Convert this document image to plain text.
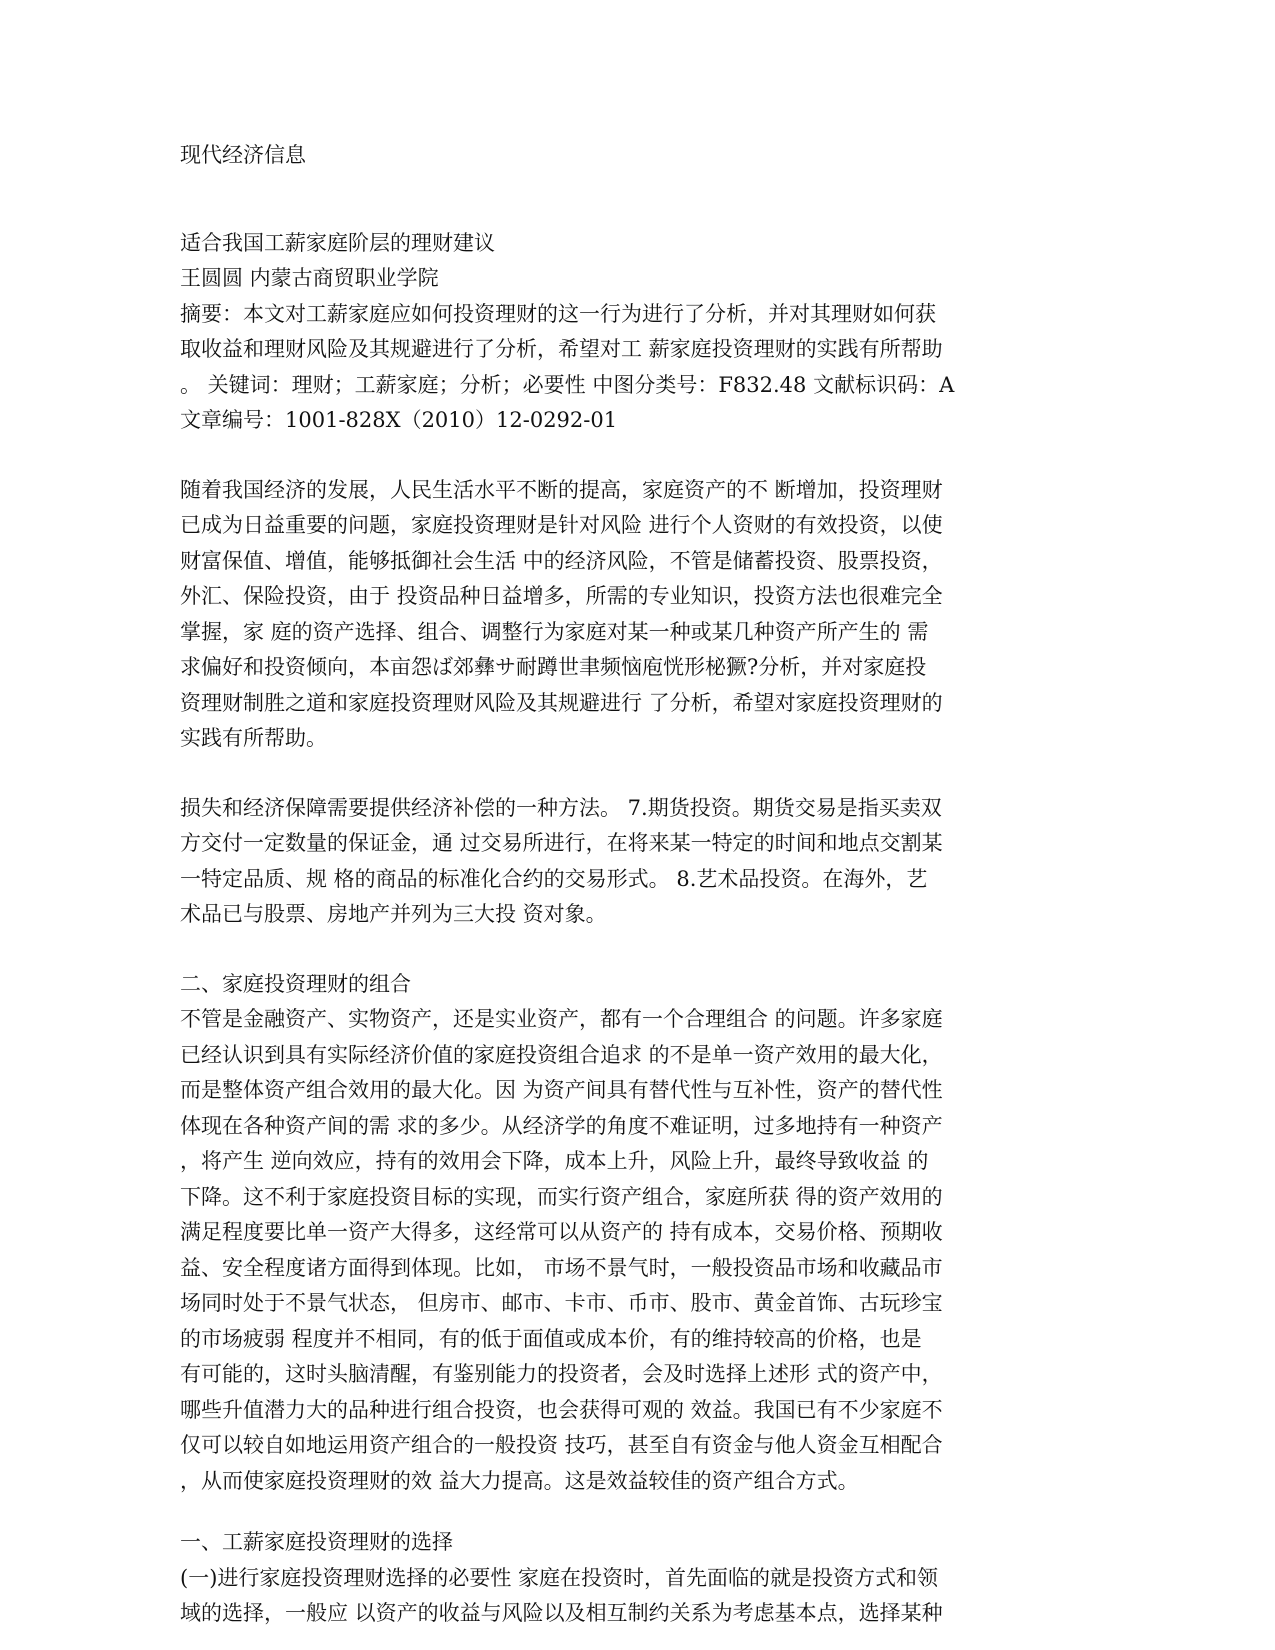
现代经济信息
适合我国工薪家庭阶层的理财建议
王圆圆 内蒙古商贸职业学院
摘要：本文对工薪家庭应如何投资理财的这一行为进行了分析，并对其理财如何获
取收益和理财风险及其规避进行了分析，希望对工 薪家庭投资理财的实践有所帮助
。 关键词：理财；工薪家庭；分析；必要性 中图分类号：F832.48 文献标识码：A
文章编号：1001-828X（2010）12-0292-01
随着我国经济的发展，人民生活水平不断的提高，家庭资产的不 断增加，投资理财
已成为日益重要的问题，家庭投资理财是针对风险 进行个人资财的有效投资，以使
财富保值、增值，能够抵御社会生活 中的经济风险，不管是储蓄投资、股票投资，
外汇、保险投资，由于 投资品种日益增多，所需的专业知识，投资方法也很难完全
掌握，家 庭的资产选择、组合、调整行为家庭对某一种或某几种资产所产生的 需
求偏好和投资倾向，本亩怨ば郊彝サ耐蹲世聿频恼庖恍形柲獗?分析，并对家庭投
资理财制胜之道和家庭投资理财风险及其规避进行 了分析，希望对家庭投资理财的
实践有所帮助。
损失和经济保障需要提供经济补偿的一种方法。 7.期货投资。期货交易是指买卖双
方交付一定数量的保证金，通 过交易所进行，在将来某一特定的时间和地点交割某
一特定品质、规 格的商品的标准化合约的交易形式。 8.艺术品投资。在海外，艺
术品已与股票、房地产并列为三大投 资对象。
二、家庭投资理财的组合
不管是金融资产、实物资产，还是实业资产，都有一个合理组合 的问题。许多家庭
已经认识到具有实际经济价值的家庭投资组合追求 的不是单一资产效用的最大化，
而是整体资产组合效用的最大化。因 为资产间具有替代性与互补性，资产的替代性
体现在各种资产间的需 求的多少。从经济学的角度不难证明，过多地持有一种资产
，将产生 逆向效应，持有的效用会下降，成本上升，风险上升，最终导致收益 的
下降。这不利于家庭投资目标的实现，而实行资产组合，家庭所获 得的资产效用的
满足程度要比单一资产大得多，这经常可以从资产的 持有成本，交易价格、预期收
益、安全程度诸方面得到体现。比如， 市场不景气时，一般投资品市场和收藏品市
场同时处于不景气状态， 但房市、邮市、卡市、币市、股市、黄金首饰、古玩珍宝
的市场疲弱 程度并不相同，有的低于面值或成本价，有的维持较高的价格，也是
有可能的，这时头脑清醒，有鉴别能力的投资者，会及时选择上述形 式的资产中，
哪些升值潜力大的品种进行组合投资，也会获得可观的 效益。我国已有不少家庭不
仅可以较自如地运用资产组合的一般投资 技巧，甚至自有资金与他人资金互相配合
，从而使家庭投资理财的效 益大力提高。这是效益较佳的资产组合方式。
一、工薪家庭投资理财的选择
(一)进行家庭投资理财选择的必要性 家庭在投资时，首先面临的就是投资方式和领
域的选择，一般应 以资产的收益与风险以及相互制约关系为考虑基本点，选择某种
